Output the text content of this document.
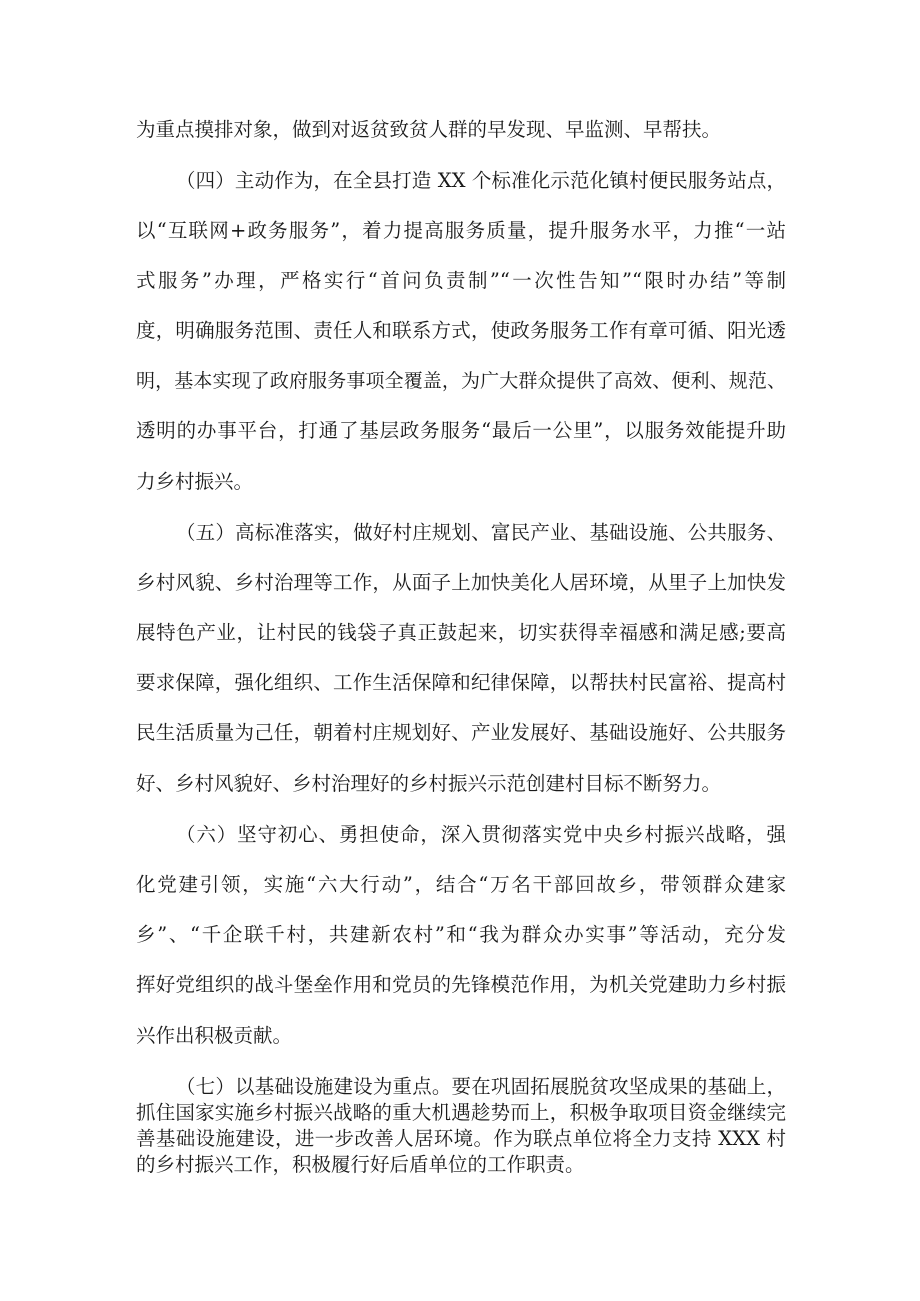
为重点摸排对象，做到对返贫致贫人群的早发现、早监测、早帮扶。
（四）主动作为，在全县打造 XX 个标准化示范化镇村便民服务站点，
以“互联网+政务服务”，着力提高服务质量，提升服务水平，力推“一站
式服务”办理，严格实行“首问负责制”“一次性告知”“限时办结”等制
度，明确服务范围、责任人和联系方式，使政务服务工作有章可循、阳光透
明，基本实现了政府服务事项全覆盖，为广大群众提供了高效、便利、规范、
透明的办事平台，打通了基层政务服务“最后一公里”，以服务效能提升助
力乡村振兴。
（五）高标准落实，做好村庄规划、富民产业、基础设施、公共服务、
乡村风貌、乡村治理等工作，从面子上加快美化人居环境，从里子上加快发
展特色产业，让村民的钱袋子真正鼓起来，切实获得幸福感和满足感;要高
要求保障，强化组织、工作生活保障和纪律保障，以帮扶村民富裕、提高村
民生活质量为己任，朝着村庄规划好、产业发展好、基础设施好、公共服务
好、乡村风貌好、乡村治理好的乡村振兴示范创建村目标不断努力。
（六）坚守初心、勇担使命，深入贯彻落实党中央乡村振兴战略，强
化党建引领，实施“六大行动”，结合“万名干部回故乡，带领群众建家
乡”、“千企联千村，共建新农村”和“我为群众办实事”等活动，充分发
挥好党组织的战斗堡垒作用和党员的先锋模范作用，为机关党建助力乡村振
兴作出积极贡献。
（七）以基础设施建设为重点。要在巩固拓展脱贫攻坚成果的基础上，
抓住国家实施乡村振兴战略的重大机遇趁势而上，积极争取项目资金继续完
善基础设施建设，进一步改善人居环境。作为联点单位将全力支持 XXX 村
的乡村振兴工作，积极履行好后盾单位的工作职责。
